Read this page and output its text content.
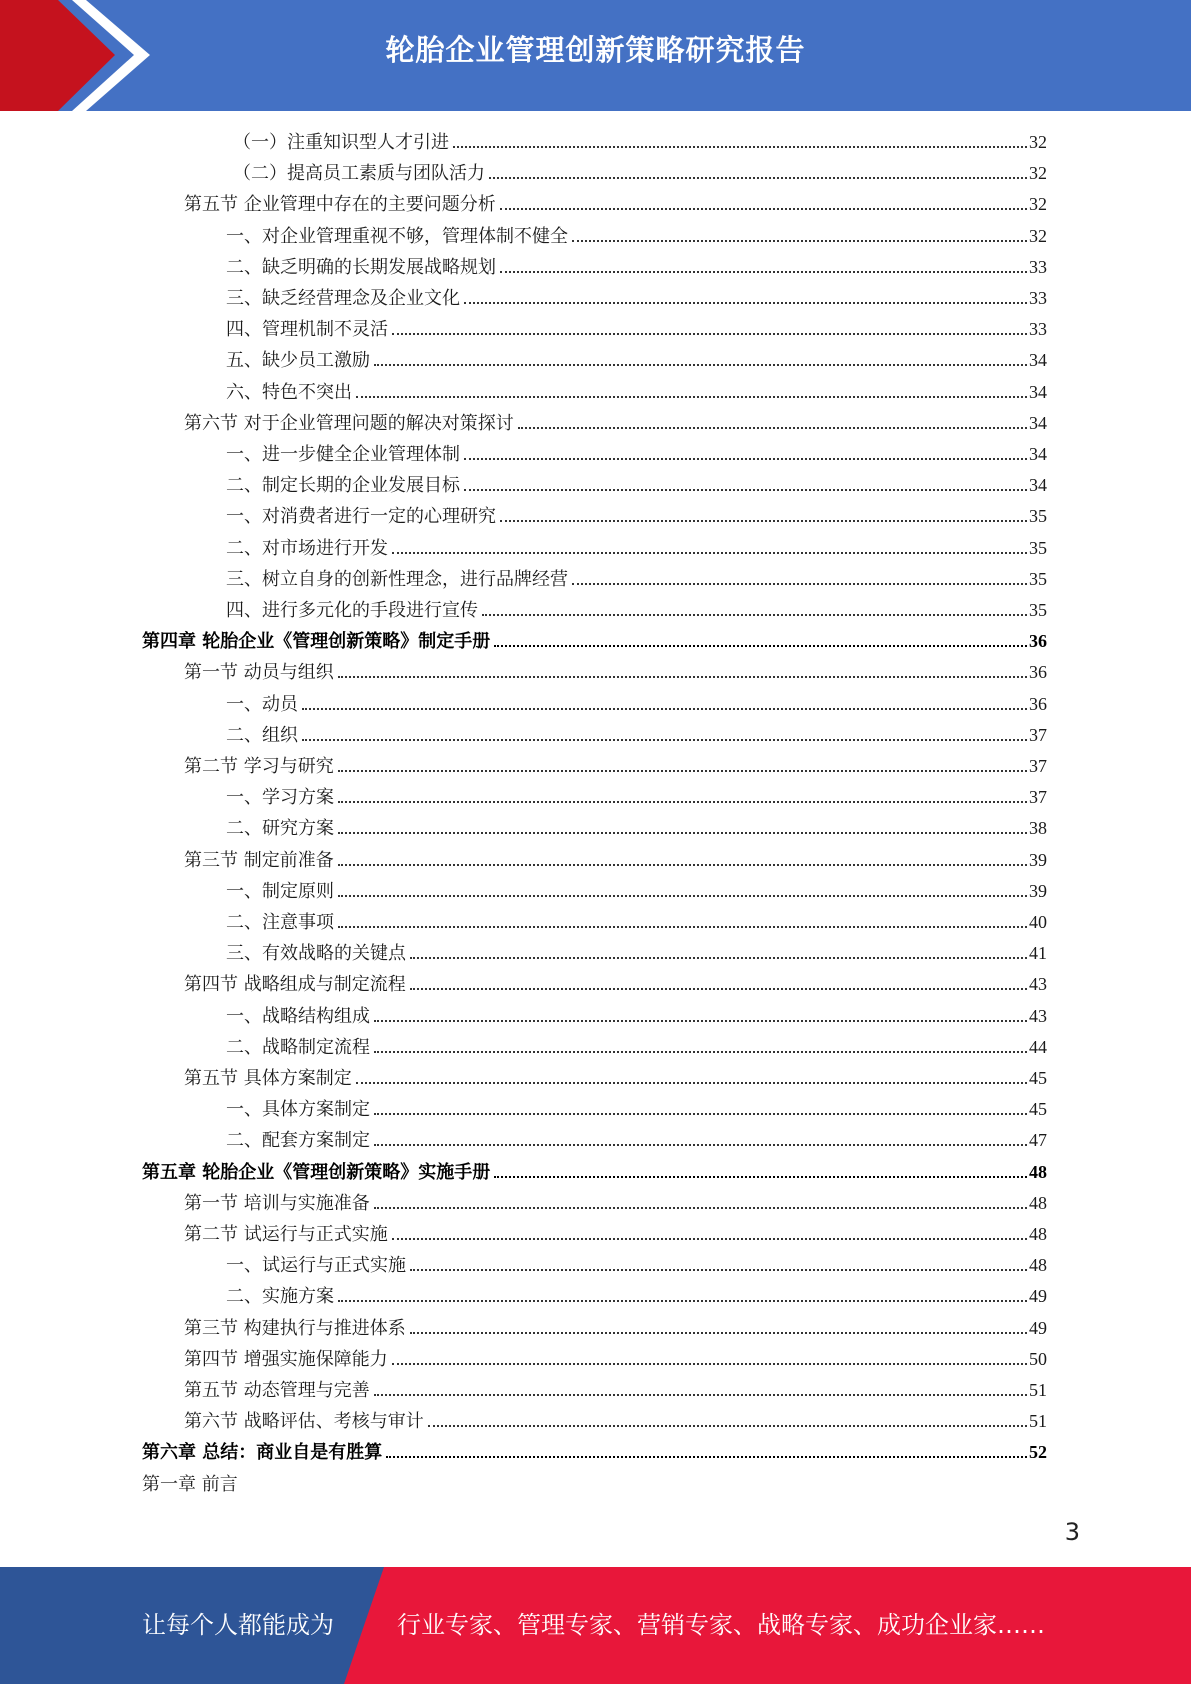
轮胎企业管理创新策略研究报告
（一）注重知识型人才引进	32
（二）提高员工素质与团队活力	32
第五节 企业管理中存在的主要问题分析	32
一、对企业管理重视不够，管理体制不健全	32
二、缺乏明确的长期发展战略规划	33
三、缺乏经营理念及企业文化	33
四、管理机制不灵活	33
五、缺少员工激励	34
六、特色不突出	34
第六节 对于企业管理问题的解决对策探讨	34
一、进一步健全企业管理体制	34
二、制定长期的企业发展目标	34
一、对消费者进行一定的心理研究	35
二、对市场进行开发	35
三、树立自身的创新性理念，进行品牌经营	35
四、进行多元化的手段进行宣传	35
第四章 轮胎企业《管理创新策略》制定手册	36
第一节 动员与组织	36
一、动员	36
二、组织	37
第二节 学习与研究	37
一、学习方案	37
二、研究方案	38
第三节 制定前准备	39
一、制定原则	39
二、注意事项	40
三、有效战略的关键点	41
第四节 战略组成与制定流程	43
一、战略结构组成	43
二、战略制定流程	44
第五节 具体方案制定	45
一、具体方案制定	45
二、配套方案制定	47
第五章 轮胎企业《管理创新策略》实施手册	48
第一节 培训与实施准备	48
第二节 试运行与正式实施	48
一、试运行与正式实施	48
二、实施方案	49
第三节 构建执行与推进体系	49
第四节 增强实施保障能力	50
第五节 动态管理与完善	51
第六节 战略评估、考核与审计	51
第六章 总结：商业自是有胜算	52
第一章 前言
3
让每个人都能成为	行业专家、管理专家、营销专家、战略专家、成功企业家……
